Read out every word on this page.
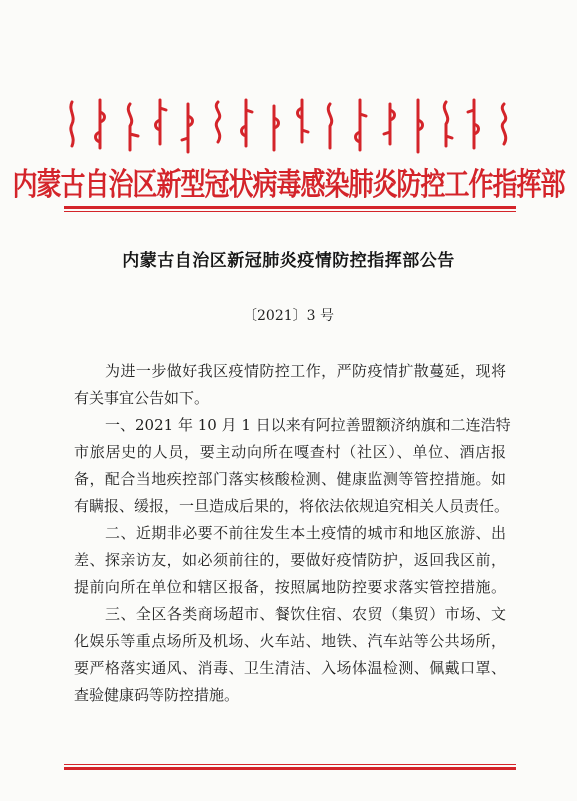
ᠥᠪᠥᠷ ᠮᠣᠩᠭᠣᠯ ᠤᠨ ᠥᠪᠡᠷᠲᠡᠭᠡᠨ ᠵᠠᠰᠠᠬᠤ ᠣᠷᠣᠨ ᠤ ᠰᠢᠨ᠎ᠡ ᠲᠢᠫ ᠦᠨ ᠲᠠᠷᠬᠠᠯᠲᠠ ᠵᠢ ᠰᠡᠷᠭᠡᠢᠯᠡᠨ ᠬᠢᠶᠠᠭᠠᠷᠯᠠᠬᠤ ᠵᠢᠭᠠᠪᠤᠷᠢ ᠶᠢᠨ ᠬᠡᠯᠲᠡᠰ
内蒙古自治区新型冠状病毒感染肺炎防控工作指挥部
内蒙古自治区新冠肺炎疫情防控指挥部公告
〔2021〕3 号

为进一步做好我区疫情防控工作，严防疫情扩散蔓延，现将
有关事宜公告如下。

一、2021 年 10 月 1 日以来有阿拉善盟额济纳旗和二连浩特
市旅居史的人员，要主动向所在嘎查村（社区）、单位、酒店报
备，配合当地疾控部门落实核酸检测、健康监测等管控措施。如
有瞒报、缓报，一旦造成后果的，将依法依规追究相关人员责任。

二、近期非必要不前往发生本土疫情的城市和地区旅游、出
差、探亲访友，如必须前往的，要做好疫情防护，返回我区前，
提前向所在单位和辖区报备，按照属地防控要求落实管控措施。

三、全区各类商场超市、餐饮住宿、农贸（集贸）市场、文
化娱乐等重点场所及机场、火车站、地铁、汽车站等公共场所，
要严格落实通风、消毒、卫生清洁、入场体温检测、佩戴口罩、
查验健康码等防控措施。
